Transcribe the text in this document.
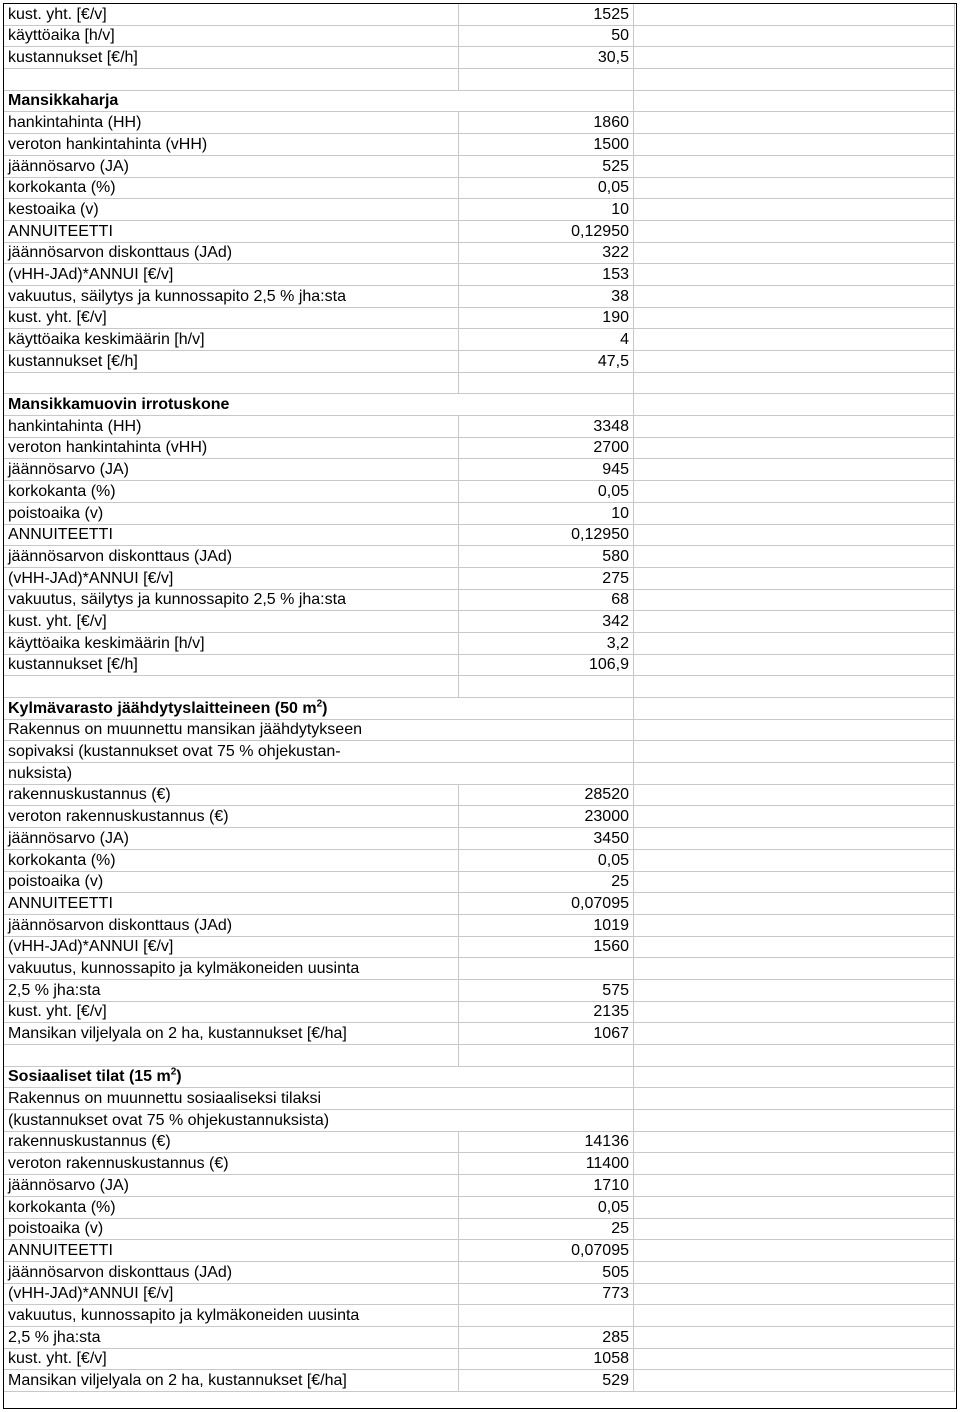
kust. yht. [€/v]	1525	
käyttöaika [h/v]	50	
kustannukset [€/h]	30,5	

Mansikkaharja		
hankintahinta (HH)	1860	
veroton hankintahinta (vHH)	1500	
jäännösarvo (JA)	525	
korkokanta (%)	0,05	
kestoaika (v)	10	
ANNUITEETTI	0,12950	
jäännösarvon diskonttaus (JAd)	322	
(vHH-JAd)*ANNUI [€/v]	153	
vakuutus, säilytys ja kunnossapito 2,5 % jha:sta	38	
kust. yht. [€/v]	190	
käyttöaika keskimäärin [h/v]	4	
kustannukset [€/h]	47,5	

Mansikkamuovin irrotuskone		
hankintahinta (HH)	3348	
veroton hankintahinta (vHH)	2700	
jäännösarvo (JA)	945	
korkokanta (%)	0,05	
poistoaika (v)	10	
ANNUITEETTI	0,12950	
jäännösarvon diskonttaus (JAd)	580	
(vHH-JAd)*ANNUI [€/v]	275	
vakuutus, säilytys ja kunnossapito 2,5 % jha:sta	68	
kust. yht. [€/v]	342	
käyttöaika keskimäärin [h/v]	3,2	
kustannukset [€/h]	106,9	

Kylmävarasto jäähdytyslaitteineen (50 $m^2$)		
Rakennus on muunnettu mansikan jäähdytykseen		
sopivaksi (kustannukset ovat 75 % ohjekustan-		
nuksista)		
rakennuskustannus (€)	28520	
veroton rakennuskustannus (€)	23000	
jäännösarvo (JA)	3450	
korkokanta (%)	0,05	
poistoaika (v)	25	
ANNUITEETTI	0,07095	
jäännösarvon diskonttaus (JAd)	1019	
(vHH-JAd)*ANNUI [€/v]	1560	
vakuutus, kunnossapito ja kylmäkoneiden uusinta		
2,5 % jha:sta	575	
kust. yht. [€/v]	2135	
Mansikan viljelyala on 2 ha, kustannukset [€/ha]	1067	

Sosiaaliset tilat (15 $m^2$)		
Rakennus on muunnettu sosiaaliseksi tilaksi		
(kustannukset ovat 75 % ohjekustannuksista)		
rakennuskustannus (€)	14136	
veroton rakennuskustannus (€)	11400	
jäännösarvo (JA)	1710	
korkokanta (%)	0,05	
poistoaika (v)	25	
ANNUITEETTI	0,07095	
jäännösarvon diskonttaus (JAd)	505	
(vHH-JAd)*ANNUI [€/v]	773	
vakuutus, kunnossapito ja kylmäkoneiden uusinta		
2,5 % jha:sta	285	
kust. yht. [€/v]	1058	
Mansikan viljelyala on 2 ha, kustannukset [€/ha]	529	
